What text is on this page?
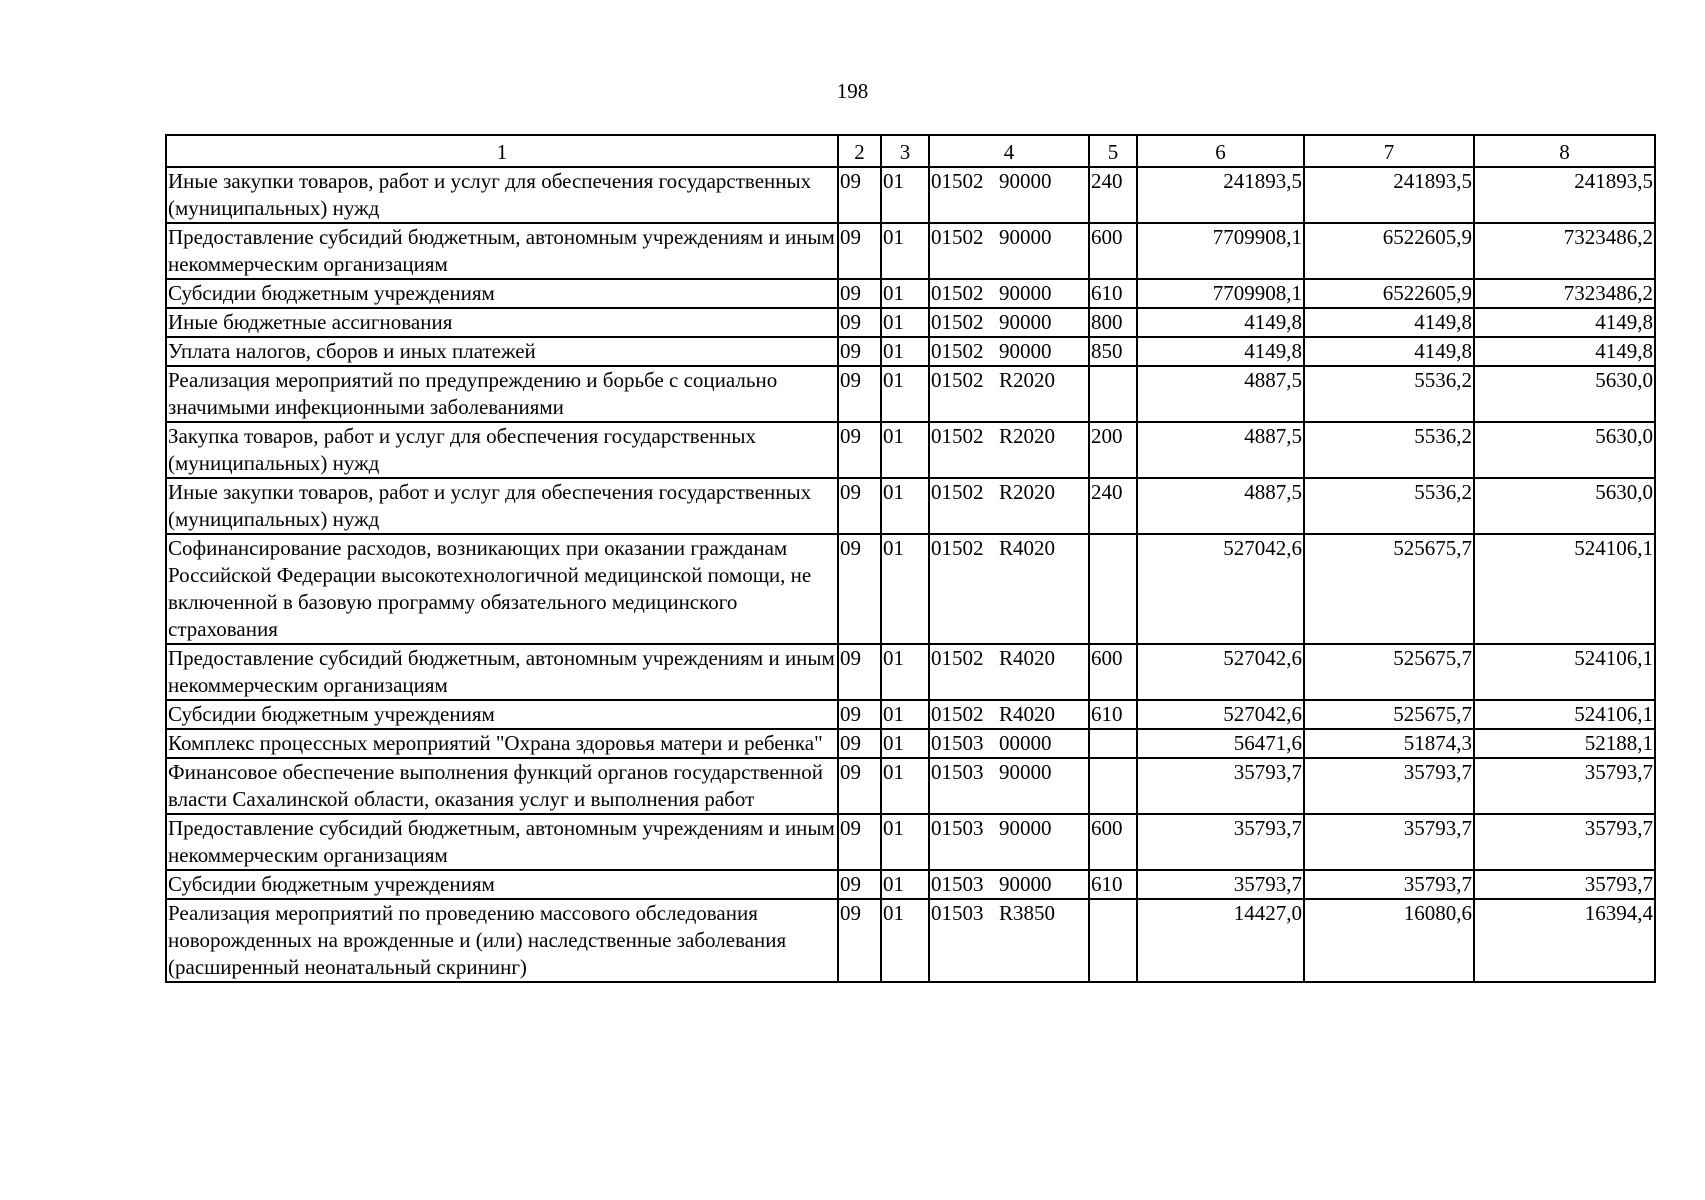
198
1	2	3	4	5	6	7	8
Иные закупки товаров, работ и услуг для обеспечения государственных (муниципальных) нужд	09	01	01502 90000	240	241893,5	241893,5	241893,5
Предоставление субсидий бюджетным, автономным учреждениям и иным некоммерческим организациям	09	01	01502 90000	600	7709908,1	6522605,9	7323486,2
Субсидии бюджетным учреждениям	09	01	01502 90000	610	7709908,1	6522605,9	7323486,2
Иные бюджетные ассигнования	09	01	01502 90000	800	4149,8	4149,8	4149,8
Уплата налогов, сборов и иных платежей	09	01	01502 90000	850	4149,8	4149,8	4149,8
Реализация мероприятий по предупреждению и борьбе с социально значимыми инфекционными заболеваниями	09	01	01502 R2020		4887,5	5536,2	5630,0
Закупка товаров, работ и услуг для обеспечения государственных (муниципальных) нужд	09	01	01502 R2020	200	4887,5	5536,2	5630,0
Иные закупки товаров, работ и услуг для обеспечения государственных (муниципальных) нужд	09	01	01502 R2020	240	4887,5	5536,2	5630,0
Софинансирование расходов, возникающих при оказании гражданам Российской Федерации высокотехнологичной медицинской помощи, не включенной в базовую программу обязательного медицинского страхования	09	01	01502 R4020		527042,6	525675,7	524106,1
Предоставление субсидий бюджетным, автономным учреждениям и иным некоммерческим организациям	09	01	01502 R4020	600	527042,6	525675,7	524106,1
Субсидии бюджетным учреждениям	09	01	01502 R4020	610	527042,6	525675,7	524106,1
Комплекс процессных мероприятий "Охрана здоровья матери и ребенка"	09	01	01503 00000		56471,6	51874,3	52188,1
Финансовое обеспечение выполнения функций органов государственной власти Сахалинской области, оказания услуг и выполнения работ	09	01	01503 90000		35793,7	35793,7	35793,7
Предоставление субсидий бюджетным, автономным учреждениям и иным некоммерческим организациям	09	01	01503 90000	600	35793,7	35793,7	35793,7
Субсидии бюджетным учреждениям	09	01	01503 90000	610	35793,7	35793,7	35793,7
Реализация мероприятий по проведению массового обследования новорожденных на врожденные и (или) наследственные заболевания (расширенный неонатальный скрининг)	09	01	01503 R3850		14427,0	16080,6	16394,4
